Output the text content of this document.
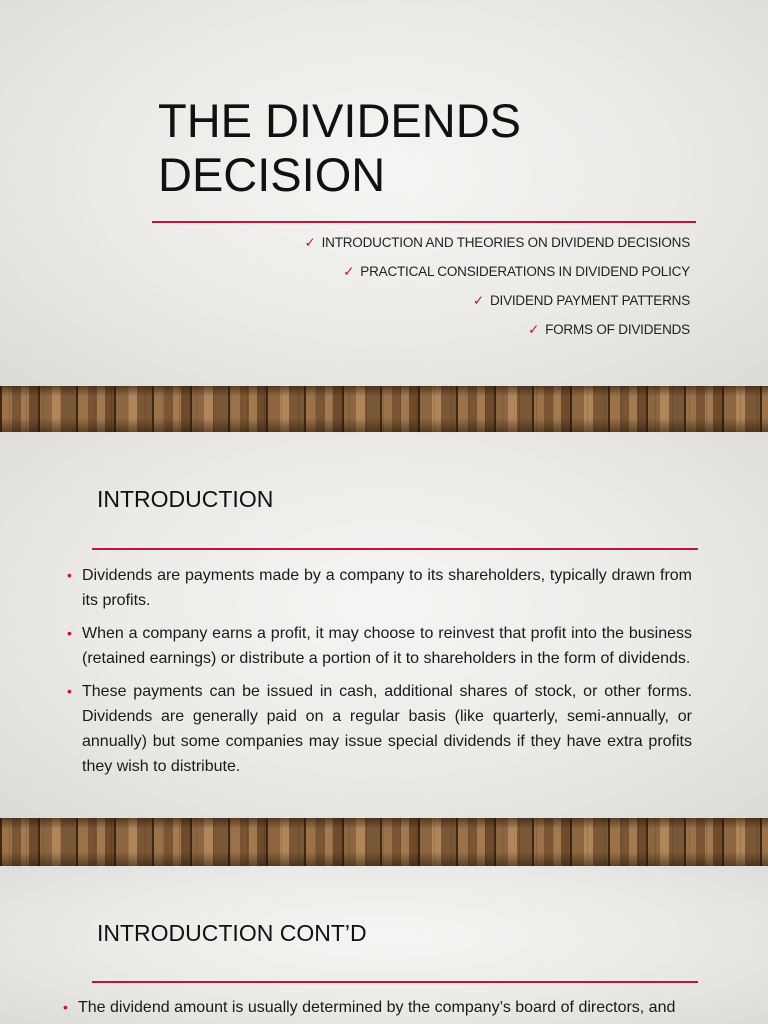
THE DIVIDENDS DECISION
✓ INTRODUCTION AND THEORIES ON DIVIDEND DECISIONS
✓ PRACTICAL CONSIDERATIONS IN DIVIDEND POLICY
✓ DIVIDEND PAYMENT PATTERNS
✓ FORMS OF DIVIDENDS
INTRODUCTION
• Dividends are payments made by a company to its shareholders, typically drawn from its profits.
• When a company earns a profit, it may choose to reinvest that profit into the business (retained earnings) or distribute a portion of it to shareholders in the form of dividends.
• These payments can be issued in cash, additional shares of stock, or other forms. Dividends are generally paid on a regular basis (like quarterly, semi-annually, or annually) but some companies may issue special dividends if they have extra profits they wish to distribute.
INTRODUCTION CONT’D
• The dividend amount is usually determined by the company’s board of directors, and
